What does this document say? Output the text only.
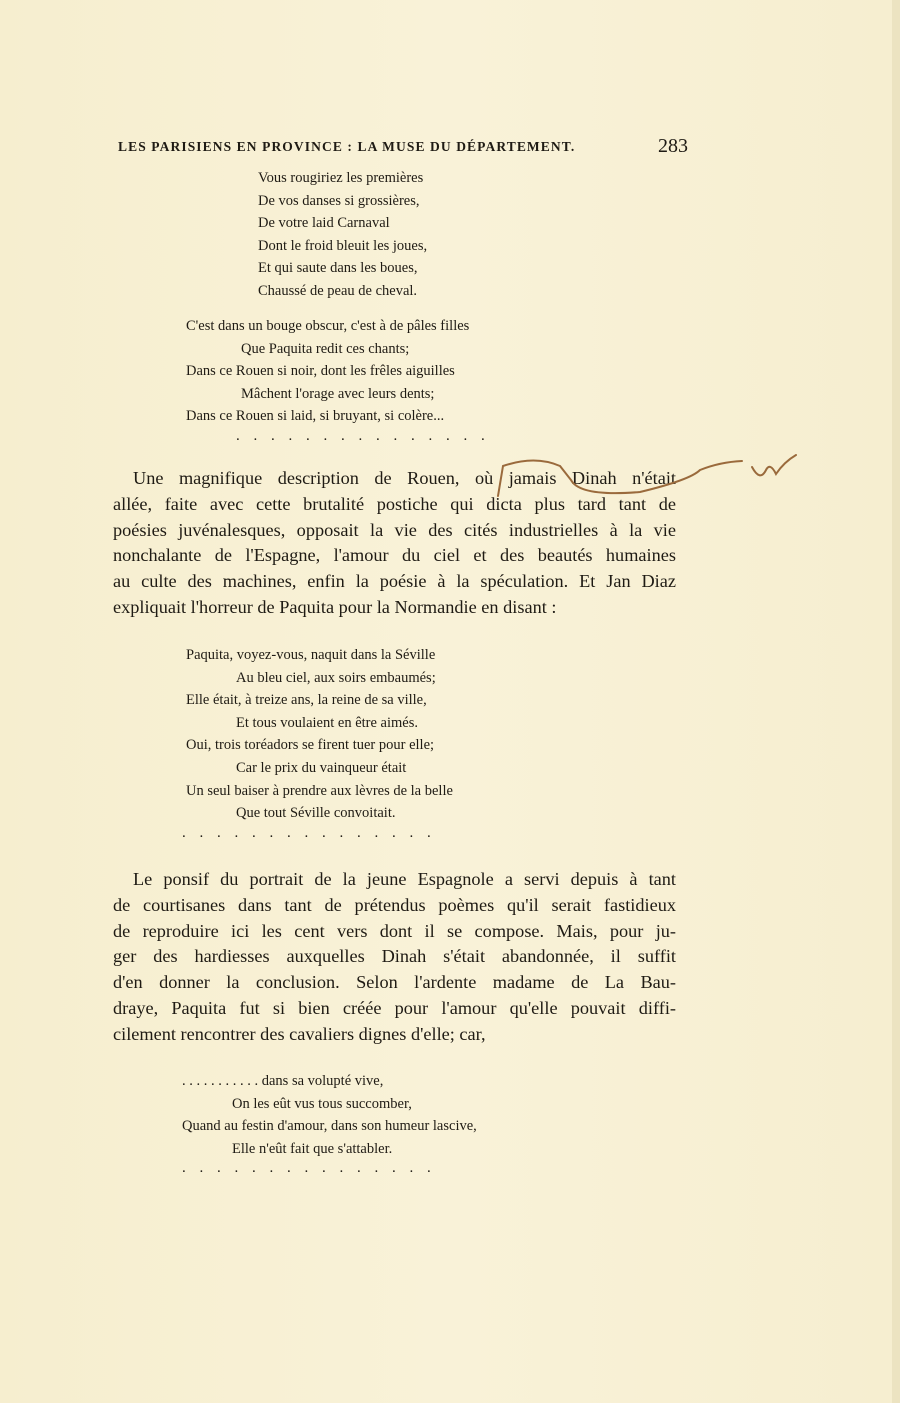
LES PARISIENS EN PROVINCE : LA MUSE DU DÉPARTEMENT.	283
Vous rougiriez les premières
De vos danses si grossières,
De votre laid Carnaval
Dont le froid bleuit les joues,
Et qui saute dans les boues,
Chaussé de peau de cheval.
C'est dans un bouge obscur, c'est à de pâles filles
Que Paquita redit ces chants;
Dans ce Rouen si noir, dont les frêles aiguilles
Mâchent l'orage avec leurs dents;
Dans ce Rouen si laid, si bruyant, si colère...
. . . . . . . . . . . . . . .
Une magnifique description de Rouen, où jamais Dinah n'était
allée, faite avec cette brutalité postiche qui dicta plus tard tant de
poésies juvénalesques, opposait la vie des cités industrielles à la vie
nonchalante de l'Espagne, l'amour du ciel et des beautés humaines
au culte des machines, enfin la poésie à la spéculation. Et Jan Diaz
expliquait l'horreur de Paquita pour la Normandie en disant :
Paquita, voyez-vous, naquit dans la Séville
Au bleu ciel, aux soirs embaumés;
Elle était, à treize ans, la reine de sa ville,
Et tous voulaient en être aimés.
Oui, trois toréadors se firent tuer pour elle;
Car le prix du vainqueur était
Un seul baiser à prendre aux lèvres de la belle
Que tout Séville convoitait.
. . . . . . . . . . . . . . .
Le ponsif du portrait de la jeune Espagnole a servi depuis à tant
de courtisanes dans tant de prétendus poèmes qu'il serait fastidieux
de reproduire ici les cent vers dont il se compose. Mais, pour ju-
ger des hardiesses auxquelles Dinah s'était abandonnée, il suffit
d'en donner la conclusion. Selon l'ardente madame de La Bau-
draye, Paquita fut si bien créée pour l'amour qu'elle pouvait diffi-
cilement rencontrer des cavaliers dignes d'elle; car,
. . . . . . . . . . . dans sa volupté vive,
On les eût vus tous succomber,
Quand au festin d'amour, dans son humeur lascive,
Elle n'eût fait que s'attabler.
. . . . . . . . . . . . . . .
